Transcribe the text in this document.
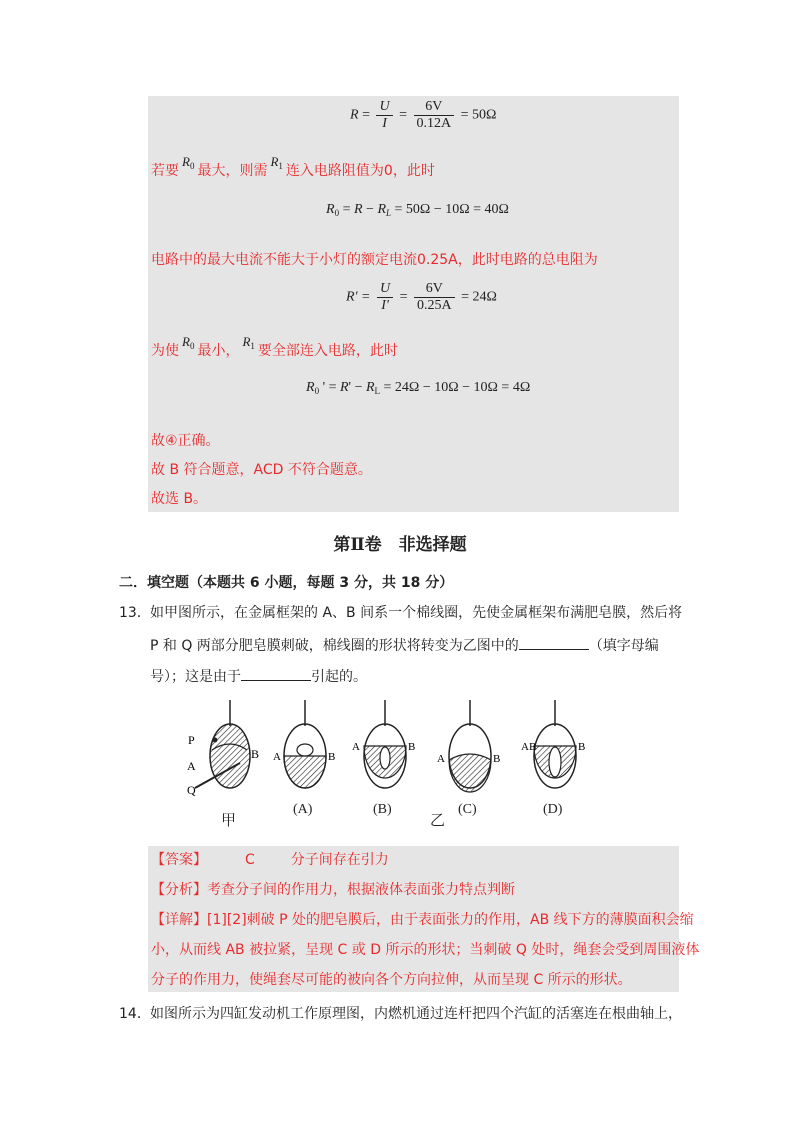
$R = \frac{U}{I} = \frac{6V}{0.12A} = 50\Omega$
若要$R_0$ 最大，则需$R_1$ 连入电路阻值为0，此时
$R_0 = R - R_L = 50\Omega - 10\Omega = 40\Omega$
电路中的最大电流不能大于小灯的额定电流0.25A，此时电路的总电阻为
$R' = \frac{U}{I'} = \frac{6V}{0.25A} = 24\Omega$
为使$R_0$ 最小，$R_1$ 要全部连入电路，此时
$R_0$ ' = $R' - R_L = 24\Omega - 10\Omega - 10\Omega = 4\Omega$
故④正确。
故 B 符合题意，ACD 不符合题意。
故选 B。
第Ⅱ卷　非选择题
二．填空题（本题共 6 小题，每题 3 分，共 18 分）
13． 如甲图所示，在金属框架的 A、B 间系一个棉线圈，先使金属框架布满肥皂膜，然后将
P 和 Q 两部分肥皂膜刺破，棉线圈的形状将转变为乙图中的	（填字母编
号）；这是由于	引起的。
P
A
B
Q
A	B
A	B
A	B
AB	B
甲
(A)	(B)
乙
(C)	(D)
【答案】	C	分子间存在引力
【分析】考查分子间的作用力，根据液体表面张力特点判断
【详解】[1][2]刺破 P 处的肥皂膜后，由于表面张力的作用，AB 线下方的薄膜面积会缩
小，从而线 AB 被拉紧，呈现 C 或 D 所示的形状；当刺破 Q 处时，绳套会受到周围液体
分子的作用力，使绳套尽可能的被向各个方向拉伸，从而呈现 C 所示的形状。
14． 如图所示为四缸发动机工作原理图，内燃机通过连杆把四个汽缸的活塞连在根曲轴上，
